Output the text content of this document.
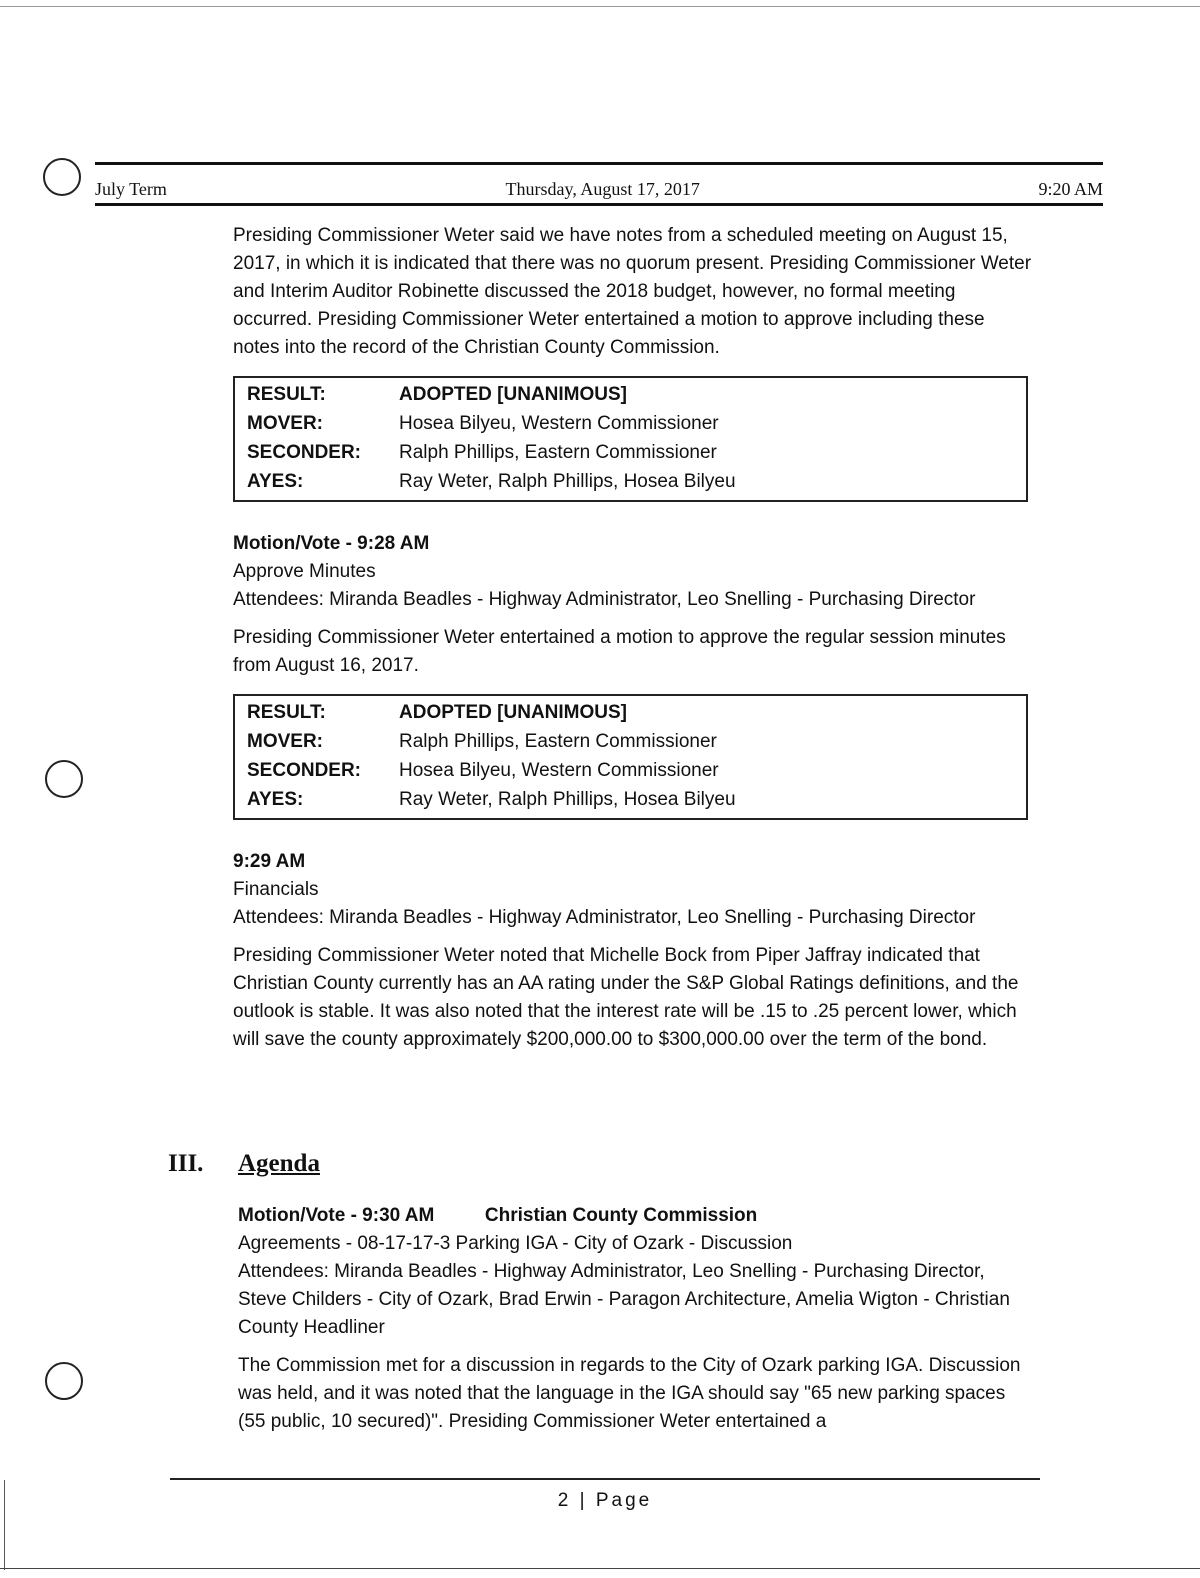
July Term	Thursday, August 17, 2017	9:20 AM

Presiding Commissioner Weter said we have notes from a scheduled meeting on August 15, 2017, in which it is indicated that there was no quorum present. Presiding Commissioner Weter and Interim Auditor Robinette discussed the 2018 budget, however, no formal meeting occurred. Presiding Commissioner Weter entertained a motion to approve including these notes into the record of the Christian County Commission.

RESULT:	ADOPTED [UNANIMOUS]
MOVER:	Hosea Bilyeu, Western Commissioner
SECONDER:	Ralph Phillips, Eastern Commissioner
AYES:	Ray Weter, Ralph Phillips, Hosea Bilyeu

Motion/Vote - 9:28 AM

Approve Minutes

Attendees: Miranda Beadles - Highway Administrator, Leo Snelling - Purchasing Director

Presiding Commissioner Weter entertained a motion to approve the regular session minutes from August 16, 2017.

RESULT:	ADOPTED [UNANIMOUS]
MOVER:	Ralph Phillips, Eastern Commissioner
SECONDER:	Hosea Bilyeu, Western Commissioner
AYES:	Ray Weter, Ralph Phillips, Hosea Bilyeu

9:29 AM

Financials

Attendees: Miranda Beadles - Highway Administrator, Leo Snelling - Purchasing Director

Presiding Commissioner Weter noted that Michelle Bock from Piper Jaffray indicated that Christian County currently has an AA rating under the S&P Global Ratings definitions, and the outlook is stable. It was also noted that the interest rate will be .15 to .25 percent lower, which will save the county approximately $200,000.00 to $300,000.00 over the term of the bond.

III.	Agenda

Motion/Vote - 9:30 AM	Christian County Commission

Agreements - 08-17-17-3 Parking IGA - City of Ozark - Discussion

Attendees: Miranda Beadles - Highway Administrator, Leo Snelling - Purchasing Director, Steve Childers - City of Ozark, Brad Erwin - Paragon Architecture, Amelia Wigton - Christian County Headliner

The Commission met for a discussion in regards to the City of Ozark parking IGA. Discussion was held, and it was noted that the language in the IGA should say "65 new parking spaces (55 public, 10 secured)". Presiding Commissioner Weter entertained a

2 | Page
